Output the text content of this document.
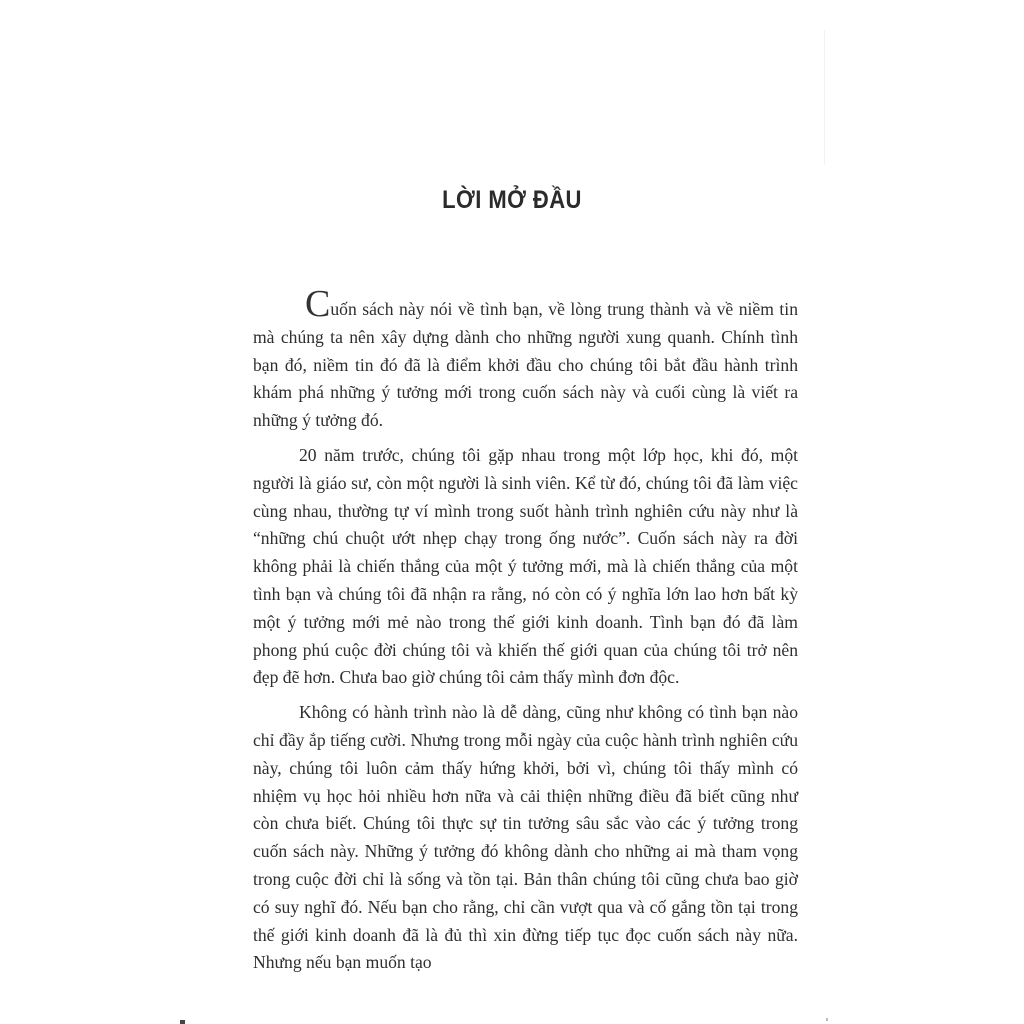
LỜI MỞ ĐẦU

Cuốn sách này nói về tình bạn, về lòng trung thành và về niềm tin mà chúng ta nên xây dựng dành cho những người xung quanh. Chính tình bạn đó, niềm tin đó đã là điểm khởi đầu cho chúng tôi bắt đầu hành trình khám phá những ý tưởng mới trong cuốn sách này và cuối cùng là viết ra những ý tưởng đó.

20 năm trước, chúng tôi gặp nhau trong một lớp học, khi đó, một người là giáo sư, còn một người là sinh viên. Kể từ đó, chúng tôi đã làm việc cùng nhau, thường tự ví mình trong suốt hành trình nghiên cứu này như là “những chú chuột ướt nhẹp chạy trong ống nước”. Cuốn sách này ra đời không phải là chiến thắng của một ý tưởng mới, mà là chiến thắng của một tình bạn và chúng tôi đã nhận ra rằng, nó còn có ý nghĩa lớn lao hơn bất kỳ một ý tưởng mới mẻ nào trong thế giới kinh doanh. Tình bạn đó đã làm phong phú cuộc đời chúng tôi và khiến thế giới quan của chúng tôi trở nên đẹp đẽ hơn. Chưa bao giờ chúng tôi cảm thấy mình đơn độc.

Không có hành trình nào là dễ dàng, cũng như không có tình bạn nào chỉ đầy ắp tiếng cười. Nhưng trong mỗi ngày của cuộc hành trình nghiên cứu này, chúng tôi luôn cảm thấy hứng khởi, bởi vì, chúng tôi thấy mình có nhiệm vụ học hỏi nhiều hơn nữa và cải thiện những điều đã biết cũng như còn chưa biết. Chúng tôi thực sự tin tưởng sâu sắc vào các ý tưởng trong cuốn sách này. Những ý tưởng đó không dành cho những ai mà tham vọng trong cuộc đời chỉ là sống và tồn tại. Bản thân chúng tôi cũng chưa bao giờ có suy nghĩ đó. Nếu bạn cho rằng, chỉ cần vượt qua và cố gắng tồn tại trong thế giới kinh doanh đã là đủ thì xin đừng tiếp tục đọc cuốn sách này nữa. Nhưng nếu bạn muốn tạo
